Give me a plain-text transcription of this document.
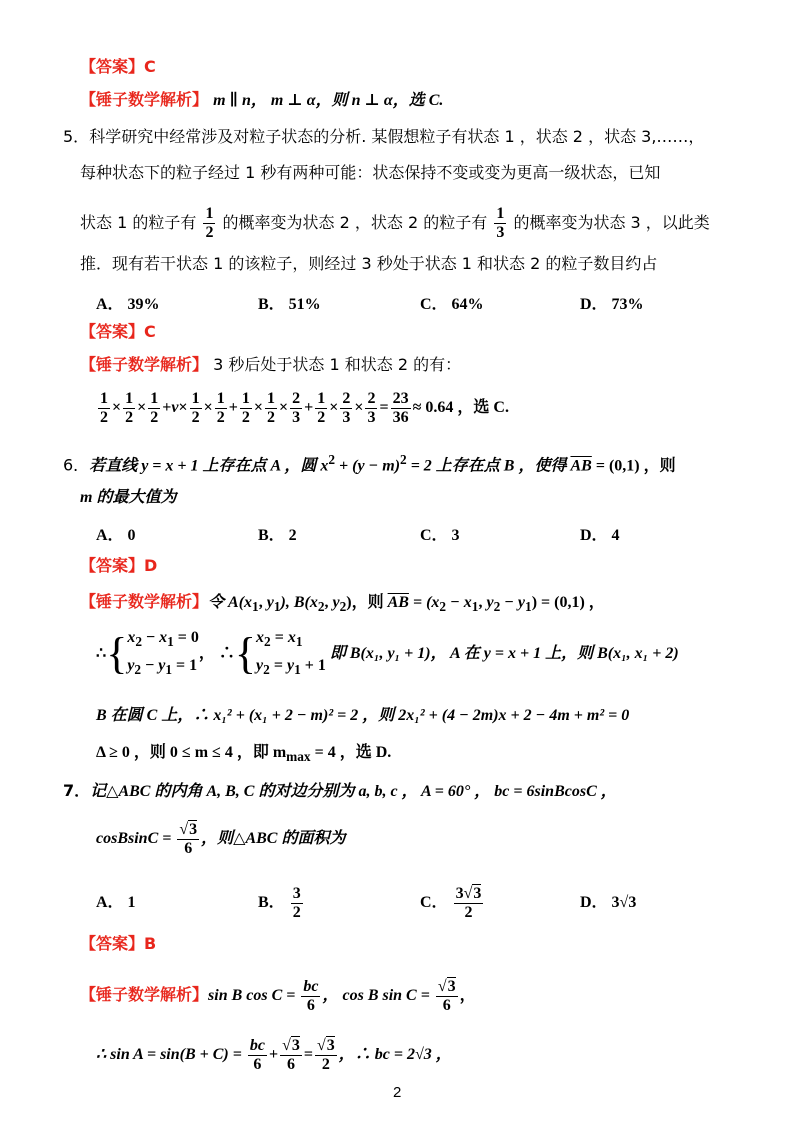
【答案】C
【锤子数学解析】 m ∥ n， m ⊥ α，则 n ⊥ α，选 C.
5．科学研究中经常涉及对粒子状态的分析. 某假想粒子有状态 1 ，状态 2 ，状态 3,……，
每种状态下的粒子经过 1 秒有两种可能：状态保持不变或变为更高一级状态，已知
状态 1 的粒子有 $\frac{1}{2}$ 的概率变为状态 2 ，状态 2 的粒子有 $\frac{1}{3}$ 的概率变为状态 3 ，以此类
推．现有若干状态 1 的该粒子，则经过 3 秒处于状态 1 和状态 2 的粒子数目约占
A． 39%	B． 51%	C． 64%	D． 73%
【答案】C
【锤子数学解析】 3 秒后处于状态 1 和状态 2 的有：
$\frac{1}{2} \times \frac{1}{2} \times \frac{1}{2} +\nu\times \frac{1}{2} \times \frac{1}{2} + \frac{1}{2} \times \frac{1}{2} \times \frac{2}{3} + \frac{1}{2} \times \frac{2}{3} \times \frac{2}{3} = \frac{23}{36} \approx 0.64$ ，选 C.
6．若直线 y = x + 1 上存在点 A ，圆 $x^2 + (y - m)^2 = 2$ 上存在点 B ，使得 $\overline{AB} = (0,1)$ ，则
m 的最大值为
A． 0	B． 2	C． 3	D． 4
【答案】D
【锤子数学解析】令 $A(x_1$, $y_1$), $B(x_2$, $y_2$)，则 $\overline{AB} = (x_2 - x_1$, $y_2 - y_1) = (0,1)$ ，
$\therefore\{x_2 - x_1 = 0$
$y_2 - y_1 = 1$， $\therefore\{x_2 = x_1$
$y_2 = y_1 + 1$ 即 B(x₁, y₁ + 1)， A 在 y = x + 1 上，则 B(x₁, x₁ + 2)
B 在圆 C 上，∴ x₁² + (x₁ + 2 − m)² = 2 ，则 2x₁² + (4 − 2m)x + 2 − 4m + m² = 0
Δ ≥ 0 ，则 0 ≤ m ≤ 4 ，即 $m_{max} = 4$ ，选 D.
7．记△ABC 的内角 A, B, C 的对边分别为 a, b, c ， A = 60° ， bc = 6sinBcosC ，
cosBsinC = $\frac{√3}{6}$ ，则△ABC 的面积为
A． 1	B． $\frac{3}{2}$	C． $\frac{3√3}{2}$	D． 3√3
【答案】B
【锤子数学解析】sin B $\cos C = \frac{bc}{6}$ ， cos B $\sin C = \frac{√3}{6}$ ，
∴ $\sin A = \sin(B + C) = \frac{bc}{6} + \frac{√3}{6} = \frac{√3}{2}$ ，∴ bc = 2√3 ，
2
